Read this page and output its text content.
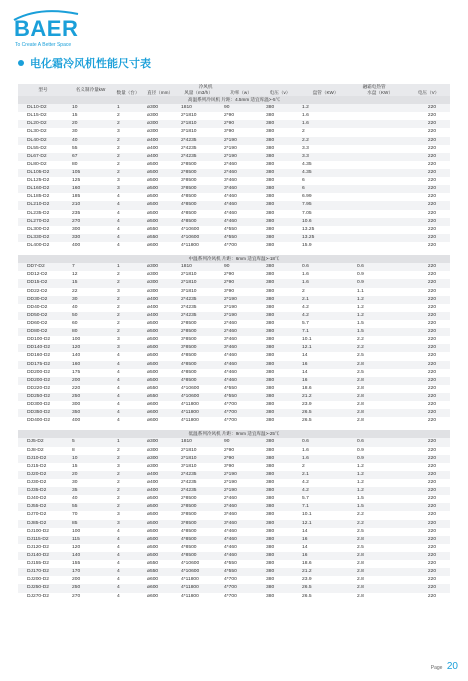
BAER
To Create A Better Space
电化霜冷风机性能尺寸表
型号	名义制冷量kW	冷风机					融霜电热管		
		数量（台）	直径（mm）	风量（m3/h）	功率（w）	电压（v）	盘管（KW）	水盘（KW）	电压（V）
高温系列冷风机 片距：4.5mm 适宜库温>-5℃									
DL10-D2	10	1	ø300	1810	90	380	1.2		220
DL15-D2	15	2	ø300	2*1810	2*90	380	1.6		220
DL20-D2	20	2	ø300	2*1810	2*90	380	1.6		220
DL30-D2	30	3	ø300	3*1810	3*90	380	2		220
DL40-D2	40	2	ø400	2*4235	2*190	380	2.2		220
DL55-D2	55	2	ø400	2*4235	2*190	380	3.3		220
DL67-D2	67	2	ø400	2*4235	2*190	380	3.3		220
DL80-D2	80	2	ø500	2*8500	2*460	380	4.35		220
DL105-D2	105	2	ø500	2*8500	2*460	380	4.35		220
DL125-D2	125	3	ø500	3*8500	3*460	380	6		220
DL160-D2	160	3	ø500	3*8500	3*460	380	6		220
DL185-D2	185	4	ø500	4*8500	4*460	380	6.99		220
DL210-D2	210	4	ø500	4*8500	4*460	380	7.95		220
DL235-D2	235	4	ø500	4*8500	4*460	380	7.05		220
DL270-D2	270	4	ø500	4*8500	4*460	380	10.6		220
DL300-D2	300	4	ø550	4*10600	4*550	380	13.25		220
DL330-D2	330	4	ø550	4*10600	4*550	380	13.25		220
DL400-D2	400	4	ø600	4*11800	4*700	380	15.9		220

中温系列冷风机 片距：6mm 适宜库温>-18℃									
DD7-D2	7	1	ø300	1810	90	380	0.6	0.6	220
DD12-D2	12	2	ø300	2*1810	2*90	380	1.6	0.9	220
DD15-D2	15	2	ø300	2*1810	2*90	380	1.6	0.9	220
DD22-D2	22	3	ø300	3*1810	3*90	380	2	1.1	220
DD30-D2	30	2	ø400	2*4235	2*190	380	2.1	1.2	220
DD40-D2	40	2	ø400	2*4235	2*190	380	4.2	1.2	220
DD50-D2	50	2	ø400	2*4235	2*190	380	4.2	1.2	220
DD60-D2	60	2	ø500	2*8500	2*460	380	5.7	1.5	220
DD80-D2	80	2	ø500	2*8500	2*460	380	7.1	1.5	220
DD100-D2	100	3	ø500	3*8500	3*460	380	10.1	2.2	220
DD140-D2	120	3	ø500	3*8500	3*460	380	12.1	2.2	220
DD160-D2	140	4	ø500	4*8500	4*460	380	14	2.5	220
DD175-D2	160	4	ø500	4*8500	4*460	380	16	2.8	220
DD200-D2	175	4	ø500	4*8500	4*460	380	14	2.5	220
DD200-D2	200	4	ø500	4*8500	4*460	380	16	2.8	220
DD220-D2	220	4	ø550	4*10600	4*550	380	18.6	2.8	220
DD250-D2	250	4	ø550	4*10600	4*550	380	21.2	2.8	220
DD300-D2	300	4	ø600	4*11800	4*700	380	23.9	2.8	220
DD350-D2	350	4	ø600	4*11800	4*700	380	26.5	2.8	220
DD400-D2	400	4	ø600	4*11800	4*700	380	26.5	2.8	220

低温系列冷风机 片距：9mm 适宜库温>-25℃									
DJ5-D2	5	1	ø300	1810	90	380	0.6	0.6	220
DJ8-D2	8	2	ø300	2*1810	2*90	380	1.6	0.9	220
DJ10-D2	10	2	ø300	2*1810	2*90	380	1.6	0.9	220
DJ15-D2	15	3	ø300	3*1810	3*90	380	2	1.2	220
DJ20-D2	20	2	ø400	2*4235	2*190	380	2.1	1.2	220
DJ30-D2	30	2	ø400	2*4235	2*190	380	4.2	1.2	220
DJ35-D2	35	2	ø400	2*4235	2*190	380	4.2	1.2	220
DJ40-D2	40	2	ø500	2*8500	2*460	380	5.7	1.5	220
DJ55-D2	55	2	ø500	2*8500	2*460	380	7.1	1.5	220
DJ70-D2	70	3	ø500	3*8500	3*460	380	10.1	2.2	220
DJ85-D2	85	3	ø500	3*8500	3*460	380	12.1	2.2	220
DJ100-D2	100	4	ø500	4*8500	4*460	380	14	2.5	220
DJ115-D2	115	4	ø500	4*8500	4*460	380	16	2.8	220
DJ120-D2	120	4	ø500	4*8500	4*460	380	14	2.5	220
DJ140-D2	140	4	ø500	4*8500	4*460	380	16	2.8	220
DJ155-D2	155	4	ø550	4*10600	4*550	380	18.6	2.8	220
DJ170-D2	170	4	ø550	4*10600	4*550	380	21.2	2.8	220
DJ200-D2	200	4	ø600	4*11800	4*700	380	23.9	2.8	220
DJ250-D2	250	4	ø600	4*11800	4*700	380	26.5	2.8	220
DJ270-D2	270	4	ø600	4*11800	4*700	380	26.5	2.8	220
Page 20
